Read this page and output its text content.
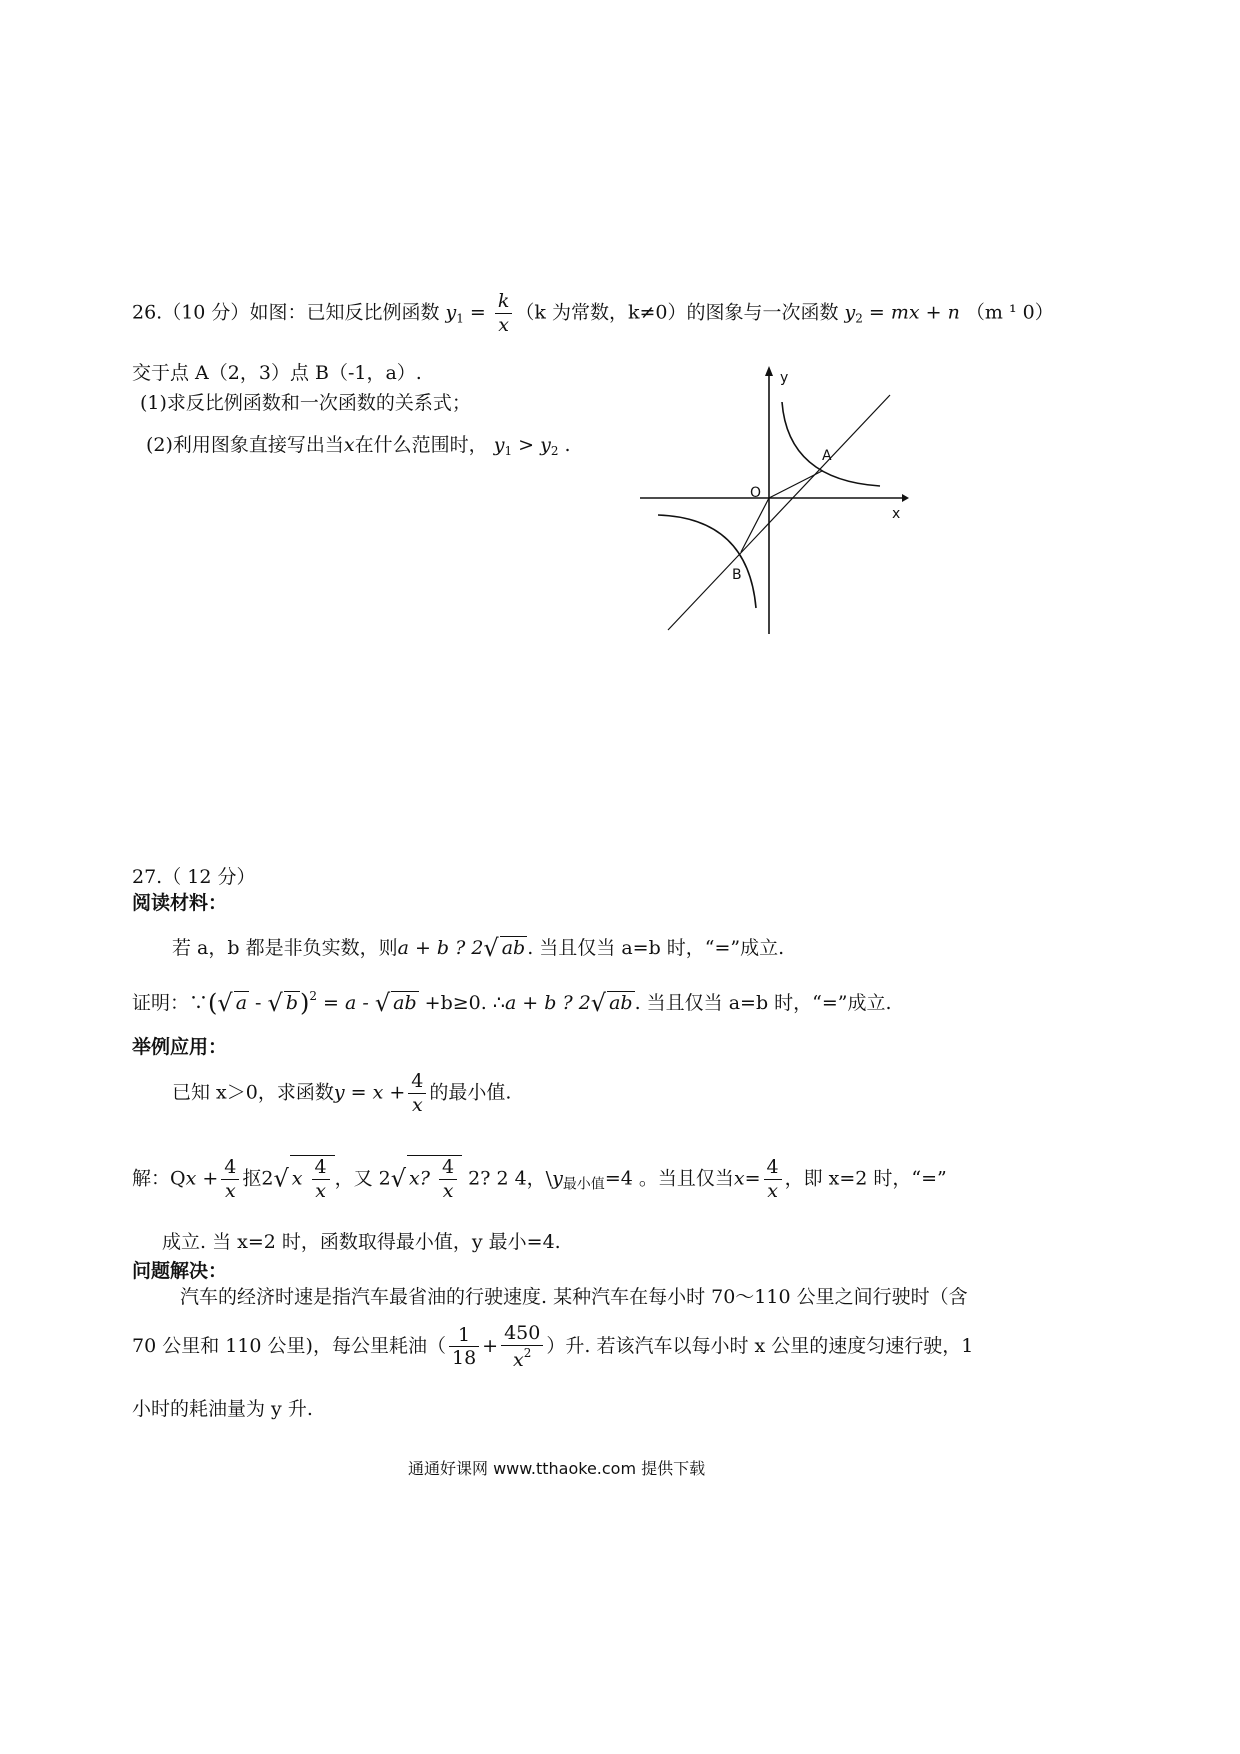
26.（10 分）如图：已知反比例函数 $y_1 = \frac{k}{x} (k$ 为常数，k≠0）的图象与一次函数 $y_2$ = mx + n （m ¹ 0）
交于点 A（2，3）点 B（-1，a）.
(1)求反比例函数和一次函数的关系式；
(2)利用图象直接写出当x在什么范围时， $y_1 > y_2$ .
y
x
O
A
B
27.（ 12 分）
阅读材料：
若 a，b 都是非负实数，则a + b ? 2√ ab . 当且仅当 a=b 时，“=”成立.
证明：∵(√ a - √ b)$^2$ = a - √ ab +b≥0. ∴a + b ? 2√ ab . 当且仅当 a=b 时，“=”成立.
举例应用：
已知 x＞0，求函数$y = x + \frac{4}{x}$ 的最小值.
解：$Qx + \frac{4}{x}$ 抠2√ x $\frac{4}{x}$ ，又 2√ x? $\frac{4}{x} 2$? 2 4，$\backslash y_{最小值}=4$ 。当且仅当$x= \frac{4}{x}$ ，即 x=2 时，“=”
成立. 当 x=2 时，函数取得最小值，y 最小=4.
问题解决：
汽车的经济时速是指汽车最省油的行驶速度. 某种汽车在每小时 70～110 公里之间行驶时（含
70 公里和 110 公里)，每公里耗油（ $\frac{1}{18} + \frac{450}{x^2}$ ）升. 若该汽车以每小时 x 公里的速度匀速行驶，1
小时的耗油量为 y 升.
通通好课网 www.tthaoke.com 提供下载
